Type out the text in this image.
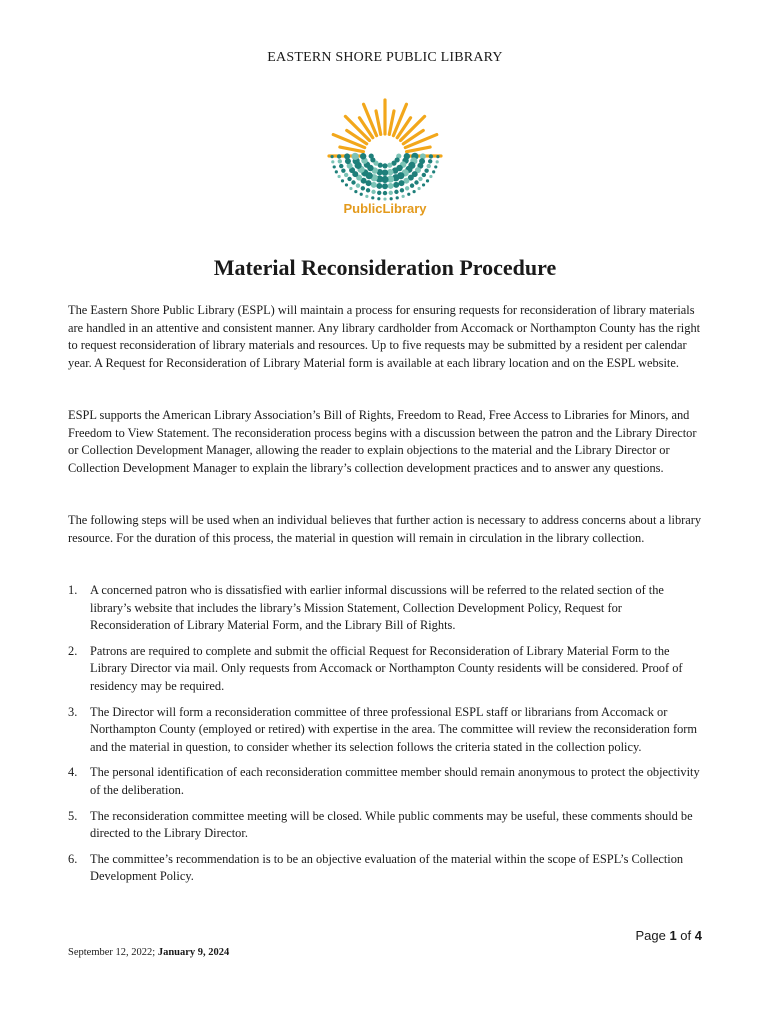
EASTERN SHORE PUBLIC LIBRARY
PublicLibrary
Material Reconsideration Procedure
The Eastern Shore Public Library (ESPL) will maintain a process for ensuring requests for reconsideration of library materials are handled in an attentive and consistent manner. Any library cardholder from Accomack or Northampton County has the right to request reconsideration of library materials and resources. Up to five requests may be submitted by a resident per calendar year. A Request for Reconsideration of Library Material form is available at each library location and on the ESPL website.
ESPL supports the American Library Association’s Bill of Rights, Freedom to Read, Free Access to Libraries for Minors, and Freedom to View Statement. The reconsideration process begins with a discussion between the patron and the Library Director or Collection Development Manager, allowing the reader to explain objections to the material and the Library Director or Collection Development Manager to explain the library’s collection development practices and to answer any questions.
The following steps will be used when an individual believes that further action is necessary to address concerns about a library resource. For the duration of this process, the material in question will remain in circulation in the library collection.
1. A concerned patron who is dissatisfied with earlier informal discussions will be referred to the related section of the library’s website that includes the library’s Mission Statement, Collection Development Policy, Request for Reconsideration of Library Material Form, and the Library Bill of Rights.
2. Patrons are required to complete and submit the official Request for Reconsideration of Library Material Form to the Library Director via mail. Only requests from Accomack or Northampton County residents will be considered. Proof of residency may be required.
3. The Director will form a reconsideration committee of three professional ESPL staff or librarians from Accomack or Northampton County (employed or retired) with expertise in the area. The committee will review the reconsideration form and the material in question, to consider whether its selection follows the criteria stated in the collection policy.
4. The personal identification of each reconsideration committee member should remain anonymous to protect the objectivity of the deliberation.
5. The reconsideration committee meeting will be closed. While public comments may be useful, these comments should be directed to the Library Director.
6. The committee’s recommendation is to be an objective evaluation of the material within the scope of ESPL’s Collection Development Policy.
Page 1 of 4
September 12, 2022; January 9, 2024
